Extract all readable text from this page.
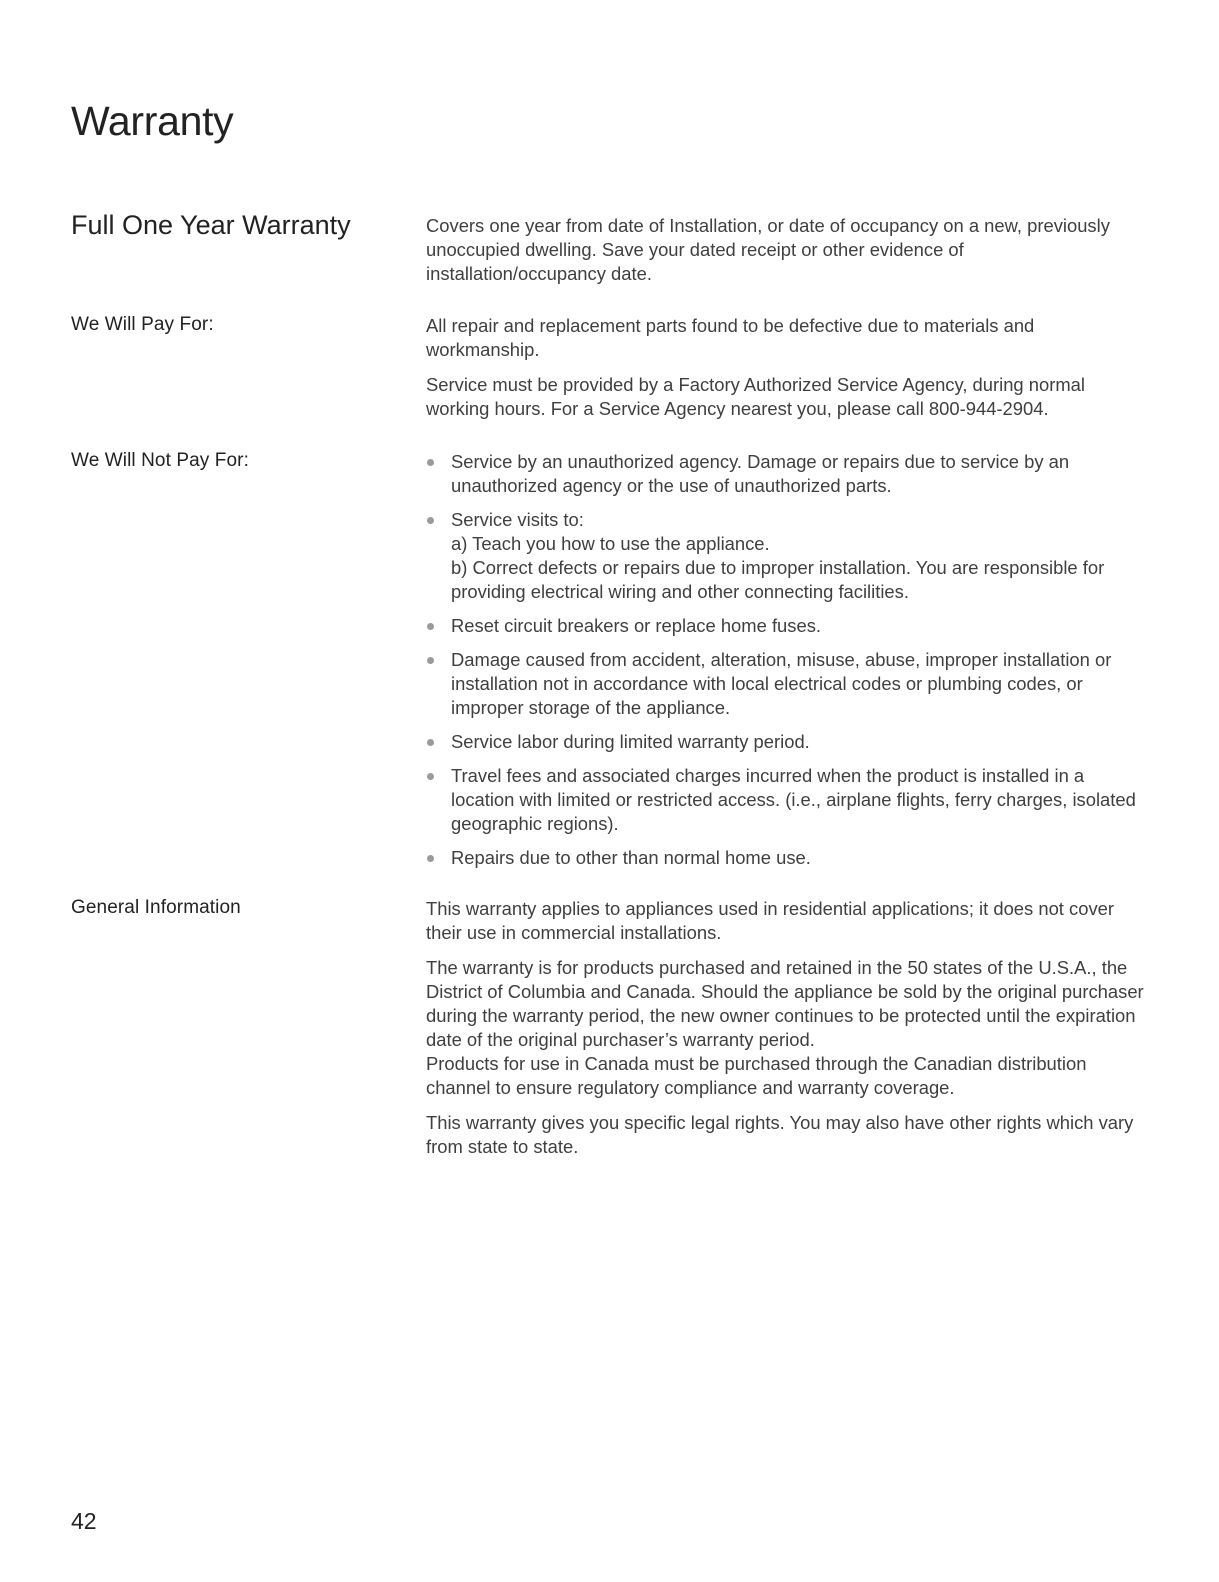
Warranty
Full One Year Warranty	Covers one year from date of Installation, or date of occupancy on a new, previously unoccupied dwelling. Save your dated receipt or other evidence of installation/occupancy date.

We Will Pay For:	All repair and replacement parts found to be defective due to materials and workmanship.

Service must be provided by a Factory Authorized Service Agency, during normal working hours. For a Service Agency nearest you, please call 800-944-2904.

We Will Not Pay For:	Service by an unauthorized agency. Damage or repairs due to service by an unauthorized agency or the use of unauthorized parts.
Service visits to:
a) Teach you how to use the appliance.
b) Correct defects or repairs due to improper installation. You are responsible for providing electrical wiring and other connecting facilities.
Reset circuit breakers or replace home fuses.
Damage caused from accident, alteration, misuse, abuse, improper installation or installation not in accordance with local electrical codes or plumbing codes, or improper storage of the appliance.
Service labor during limited warranty period.
Travel fees and associated charges incurred when the product is installed in a location with limited or restricted access. (i.e., airplane flights, ferry charges, isolated geographic regions).
Repairs due to other than normal home use.
General Information	This warranty applies to appliances used in residential applications; it does not cover their use in commercial installations.

The warranty is for products purchased and retained in the 50 states of the U.S.A., the District of Columbia and Canada. Should the appliance be sold by the original purchaser during the warranty period, the new owner continues to be protected until the expiration date of the original purchaser’s warranty period.

Products for use in Canada must be purchased through the Canadian distribution channel to ensure regulatory compliance and warranty coverage.

This warranty gives you specific legal rights. You may also have other rights which vary from state to state.

42
